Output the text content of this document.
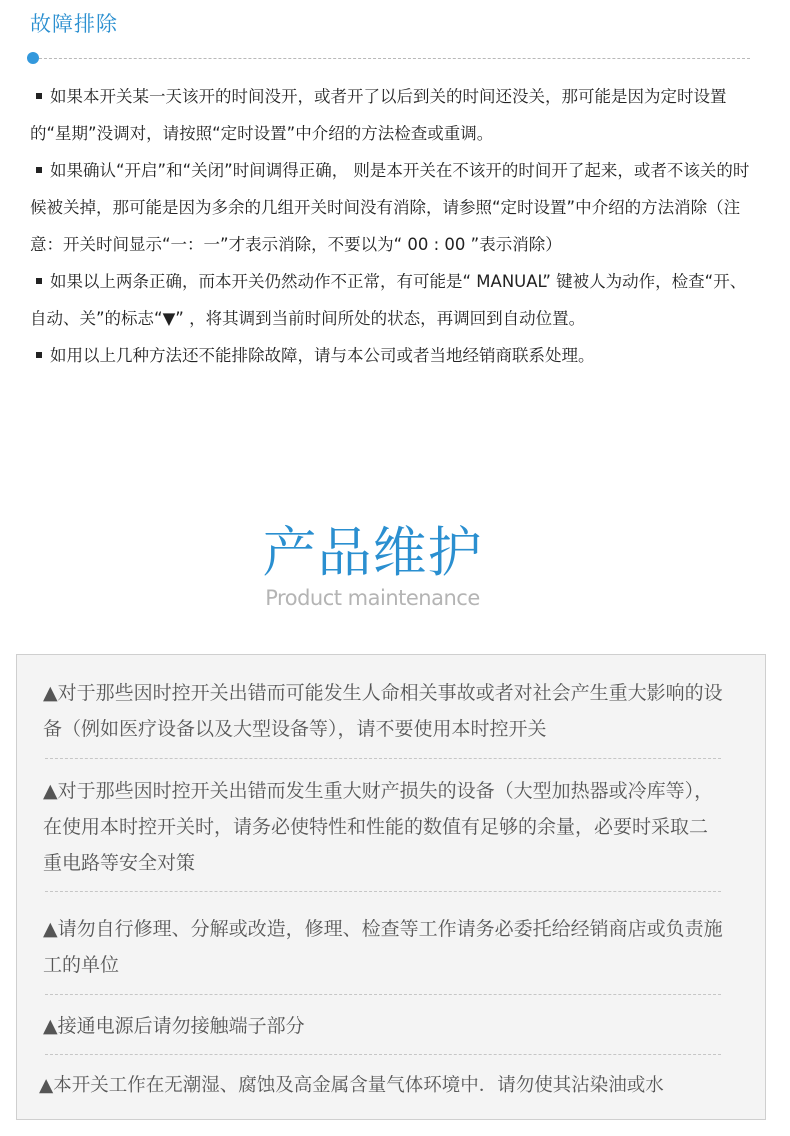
故障排除
如果本开关某一天该开的时间没开，或者开了以后到关的时间还没关，那可能是因为定时设置的“星期”没调对，请按照“定时设置”中介绍的方法检查或重调。
如果确认“开启”和“关闭”时间调得正确， 则是本开关在不该开的时间开了起来，或者不该关的时候被关掉，那可能是因为多余的几组开关时间没有消除，请参照“定时设置”中介绍的方法消除（注意：开关时间显示“一：一”才表示消除，不要以为“ 00 : 00 ”表示消除）
如果以上两条正确，而本开关仍然动作不正常，有可能是“ MANUAL” 键被人为动作，检查“开、自动、关”的标志“▼” ，将其调到当前时间所处的状态，再调回到自动位置。
如用以上几种方法还不能排除故障，请与本公司或者当地经销商联系处理。
产品维护
Product maintenance

▲对于那些因时控开关出错而可能发生人命相关事故或者对社会产生重大影响的设备（例如医疗设备以及大型设备等），请不要使用本时控开关

▲对于那些因时控开关出错而发生重大财产损失的设备（大型加热器或冷库等）， 在使用本时控开关时，请务必使特性和性能的数值有足够的余量，必要时采取二重电路等安全对策

▲请勿自行修理、分解或改造，修理、检查等工作请务必委托给经销商店或负责施工的单位

▲接通电源后请勿接触端子部分

▲本开关工作在无潮湿、腐蚀及高金属含量气体环境中．请勿使其沾染油或水
